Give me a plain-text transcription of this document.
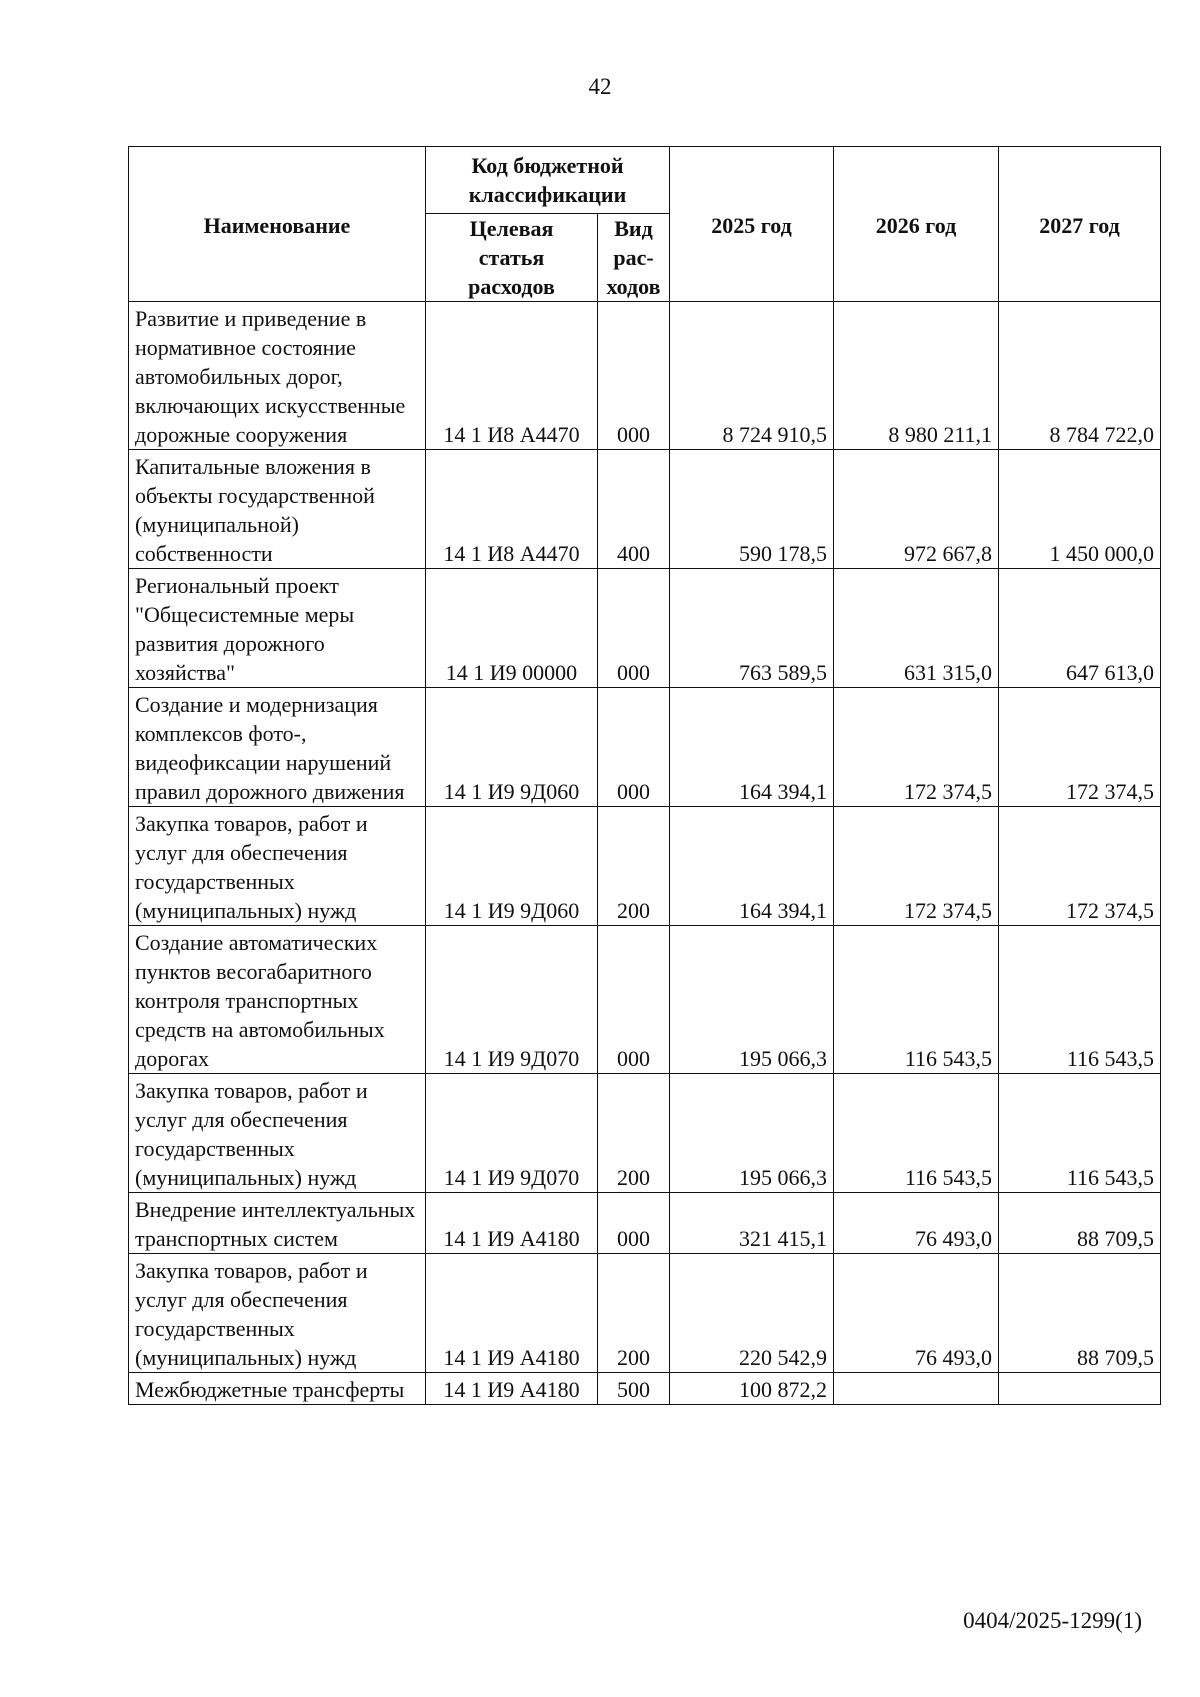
42
Наименование	Код бюджетной классификации		2025 год	2026 год	2027 год
	Целевая статья расходов	Вид рас-ходов			
Развитие и приведение в нормативное состояние автомобильных дорог, включающих искусственные дорожные сооружения	14 1 И8 А4470	000	8 724 910,5	8 980 211,1	8 784 722,0
Капитальные вложения в объекты государственной (муниципальной) собственности	14 1 И8 А4470	400	590 178,5	972 667,8	1 450 000,0
Региональный проект "Общесистемные меры развития дорожного хозяйства"	14 1 И9 00000	000	763 589,5	631 315,0	647 613,0
Создание и модернизация комплексов фото-, видеофиксации нарушений правил дорожного движения	14 1 И9 9Д060	000	164 394,1	172 374,5	172 374,5
Закупка товаров, работ и услуг для обеспечения государственных (муниципальных) нужд	14 1 И9 9Д060	200	164 394,1	172 374,5	172 374,5
Создание автоматических пунктов весогабаритного контроля транспортных средств на автомобильных дорогах	14 1 И9 9Д070	000	195 066,3	116 543,5	116 543,5
Закупка товаров, работ и услуг для обеспечения государственных (муниципальных) нужд	14 1 И9 9Д070	200	195 066,3	116 543,5	116 543,5
Внедрение интеллектуальных транспортных систем	14 1 И9 А4180	000	321 415,1	76 493,0	88 709,5
Закупка товаров, работ и услуг для обеспечения государственных (муниципальных) нужд	14 1 И9 А4180	200	220 542,9	76 493,0	88 709,5
Межбюджетные трансферты	14 1 И9 А4180	500	100 872,2		
0404/2025-1299(1)
